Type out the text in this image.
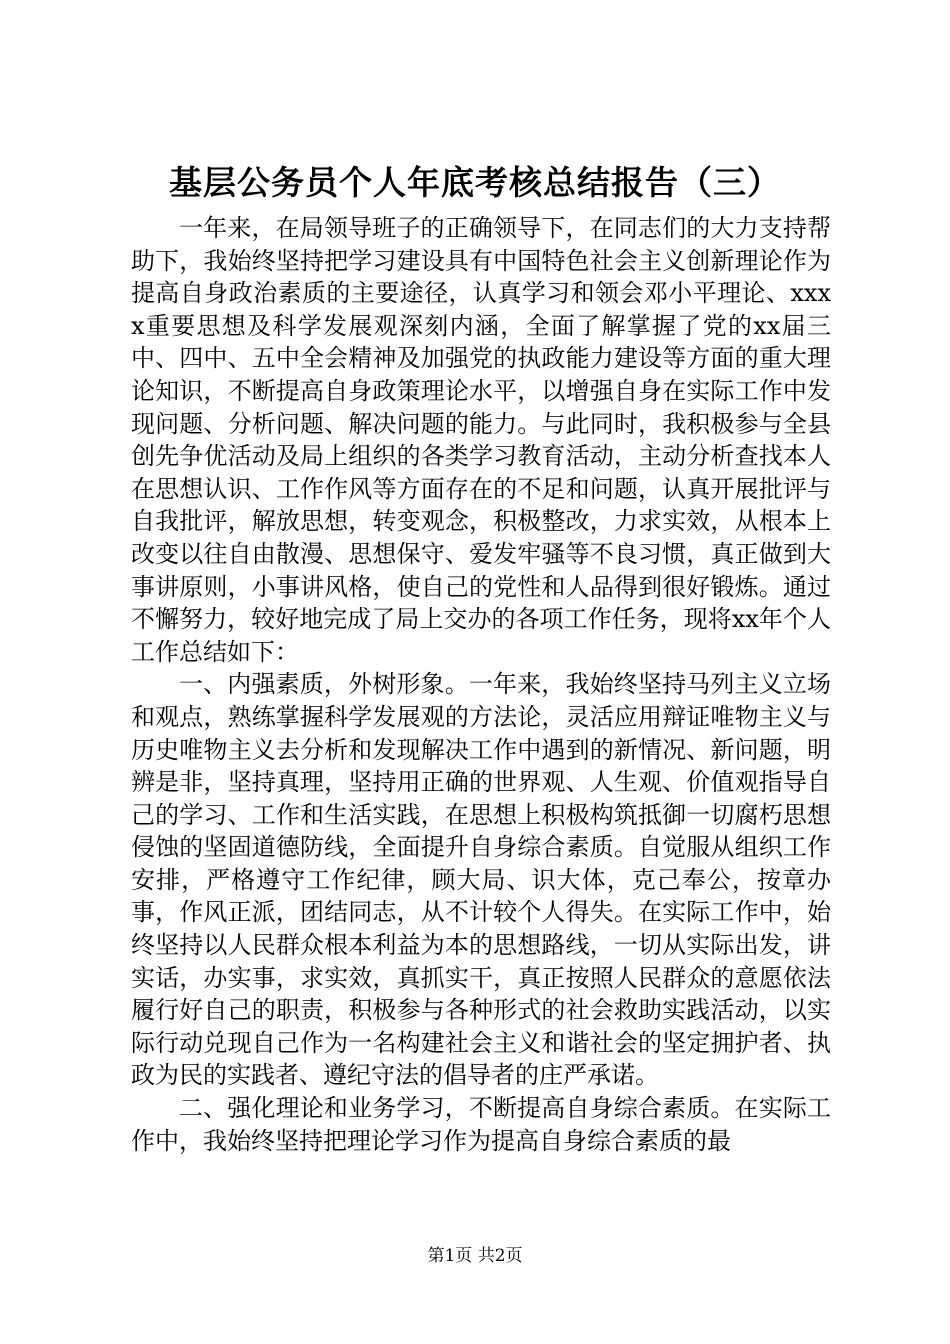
基层公务员个人年底考核总结报告（三）

一年来，在局领导班子的正确领导下，在同志们的大力支持帮助下，我始终坚持把学习建设具有中国特色社会主义创新理论作为提高自身政治素质的主要途径，认真学习和领会邓小平理论、xxxx重要思想及科学发展观深刻内涵，全面了解掌握了党的xx届三中、四中、五中全会精神及加强党的执政能力建设等方面的重大理论知识，不断提高自身政策理论水平，以增强自身在实际工作中发现问题、分析问题、解决问题的能力。与此同时，我积极参与全县创先争优活动及局上组织的各类学习教育活动，主动分析查找本人在思想认识、工作作风等方面存在的不足和问题，认真开展批评与自我批评，解放思想，转变观念，积极整改，力求实效，从根本上改变以往自由散漫、思想保守、爱发牢骚等不良习惯，真正做到大事讲原则，小事讲风格，使自己的党性和人品得到很好锻炼。通过不懈努力，较好地完成了局上交办的各项工作任务，现将xx年个人工作总结如下：

一、内强素质，外树形象。一年来，我始终坚持马列主义立场和观点，熟练掌握科学发展观的方法论，灵活应用辩证唯物主义与历史唯物主义去分析和发现解决工作中遇到的新情况、新问题，明辨是非，坚持真理，坚持用正确的世界观、人生观、价值观指导自己的学习、工作和生活实践，在思想上积极构筑抵御一切腐朽思想侵蚀的坚固道德防线，全面提升自身综合素质。自觉服从组织工作安排，严格遵守工作纪律，顾大局、识大体，克己奉公，按章办事，作风正派，团结同志，从不计较个人得失。在实际工作中，始终坚持以人民群众根本利益为本的思想路线，一切从实际出发，讲实话，办实事，求实效，真抓实干，真正按照人民群众的意愿依法履行好自己的职责，积极参与各种形式的社会救助实践活动，以实际行动兑现自己作为一名构建社会主义和谐社会的坚定拥护者、执政为民的实践者、遵纪守法的倡导者的庄严承诺。

二、强化理论和业务学习，不断提高自身综合素质。在实际工作中，我始终坚持把理论学习作为提高自身综合素质的最

第1页 共2页
